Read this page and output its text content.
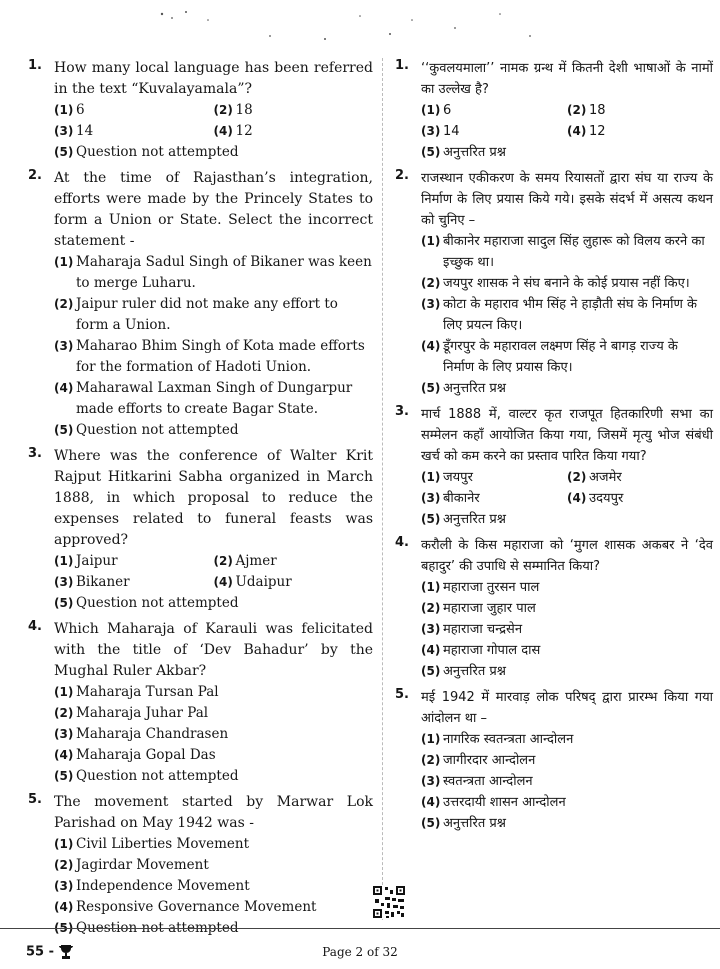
1. How many local language has been referred in the text “Kuvalayamala”?
(1) 6	(2) 18
(3) 14	(4) 12
(5) Question not attempted
2. At the time of Rajasthan’s integration, efforts were made by the Princely States to form a Union or State. Select the incorrect statement -
(1) Maharaja Sadul Singh of Bikaner was keen to merge Luharu.
(2) Jaipur ruler did not make any effort to form a Union.
(3) Maharao Bhim Singh of Kota made efforts for the formation of Hadoti Union.
(4) Maharawal Laxman Singh of Dungarpur made efforts to create Bagar State.
(5) Question not attempted
3. Where was the conference of Walter Krit Rajput Hitkarini Sabha organized in March 1888, in which proposal to reduce the expenses related to funeral feasts was approved?
(1) Jaipur	(2) Ajmer
(3) Bikaner	(4) Udaipur
(5) Question not attempted
4. Which Maharaja of Karauli was felicitated with the title of ‘Dev Bahadur’ by the Mughal Ruler Akbar?
(1) Maharaja Tursan Pal
(2) Maharaja Juhar Pal
(3) Maharaja Chandrasen
(4) Maharaja Gopal Das
(5) Question not attempted
5. The movement started by Marwar Lok Parishad on May 1942 was -
(1) Civil Liberties Movement
(2) Jagirdar Movement
(3) Independence Movement
(4) Responsive Governance Movement
(5) Question not attempted
1. ‘‘कुवलयमाला’’ नामक ग्रन्थ में कितनी देशी भाषाओं के नामों का उल्लेख है?
(1) 6	(2) 18
(3) 14	(4) 12
(5) अनुत्तरित प्रश्न
2. राजस्थान एकीकरण के समय रियासतों द्वारा संघ या राज्य के निर्माण के लिए प्रयास किये गये। इसके संदर्भ में असत्य कथन को चुनिए –
(1) बीकानेर महाराजा सादुल सिंह लुहारू को विलय करने का इच्छुक था।
(2) जयपुर शासक ने संघ बनाने के कोई प्रयास नहीं किए।
(3) कोटा के महाराव भीम सिंह ने हाड़ौती संघ के निर्माण के लिए प्रयत्न किए।
(4) डूँगरपुर के महारावल लक्ष्मण सिंह ने बागड़ राज्य के निर्माण के लिए प्रयास किए।
(5) अनुत्तरित प्रश्न
3. मार्च 1888 में, वाल्टर कृत राजपूत हितकारिणी सभा का सम्मेलन कहाँ आयोजित किया गया, जिसमें मृत्यु भोज संबंधी खर्च को कम करने का प्रस्ताव पारित किया गया?
(1) जयपुर	(2) अजमेर
(3) बीकानेर	(4) उदयपुर
(5) अनुत्तरित प्रश्न
4. करौली के किस महाराजा को ‘मुगल शासक अकबर ने ‘देव बहादुर’ की उपाधि से सम्मानित किया?
(1) महाराजा तुरसन पाल
(2) महाराजा जुहार पाल
(3) महाराजा चन्द्रसेन
(4) महाराजा गोपाल दास
(5) अनुत्तरित प्रश्न
5. मई 1942 में मारवाड़ लोक परिषद् द्वारा प्रारम्भ किया गया आंदोलन था –
(1) नागरिक स्वतन्त्रता आन्दोलन
(2) जागीरदार आन्दोलन
(3) स्वतन्त्रता आन्दोलन
(4) उत्तरदायी शासन आन्दोलन
(5) अनुत्तरित प्रश्न
55 -	Page 2 of 32
